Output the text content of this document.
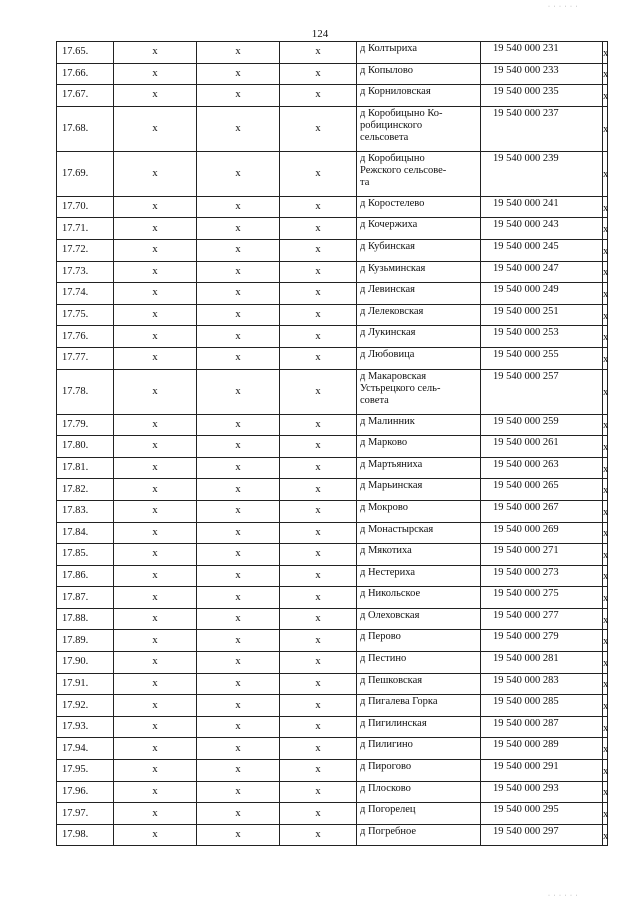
124
17.65.	x	x	x	д Колтыриха	19 540 000 231	x
17.66.	x	x	x	д Копылово	19 540 000 233	x
17.67.	x	x	x	д Корниловская	19 540 000 235	x
17.68.	x	x	x	д Коробицыно Ко-
робицинского
сельсовета	19 540 000 237	x
17.69.	x	x	x	д Коробицыно
Режского сельсове-
та	19 540 000 239	x
17.70.	x	x	x	д Коростелево	19 540 000 241	x
17.71.	x	x	x	д Кочержиха	19 540 000 243	x
17.72.	x	x	x	д Кубинская	19 540 000 245	x
17.73.	x	x	x	д Кузьминская	19 540 000 247	x
17.74.	x	x	x	д Левинская	19 540 000 249	x
17.75.	x	x	x	д Лелековская	19 540 000 251	x
17.76.	x	x	x	д Лукинская	19 540 000 253	x
17.77.	x	x	x	д Любовица	19 540 000 255	x
17.78.	x	x	x	д Макаровская
Устьрецкого сель-
совета	19 540 000 257	x
17.79.	x	x	x	д Малинник	19 540 000 259	x
17.80.	x	x	x	д Марково	19 540 000 261	x
17.81.	x	x	x	д Мартьяниха	19 540 000 263	x
17.82.	x	x	x	д Марьинская	19 540 000 265	x
17.83.	x	x	x	д Мокрово	19 540 000 267	x
17.84.	x	x	x	д Монастырская	19 540 000 269	x
17.85.	x	x	x	д Мякотиха	19 540 000 271	x
17.86.	x	x	x	д Нестериха	19 540 000 273	x
17.87.	x	x	x	д Никольское	19 540 000 275	x
17.88.	x	x	x	д Олеховская	19 540 000 277	x
17.89.	x	x	x	д Перово	19 540 000 279	x
17.90.	x	x	x	д Пестино	19 540 000 281	x
17.91.	x	x	x	д Пешковская	19 540 000 283	x
17.92.	x	x	x	д Пигалева Горка	19 540 000 285	x
17.93.	x	x	x	д Пигилинская	19 540 000 287	x
17.94.	x	x	x	д Пилигино	19 540 000 289	x
17.95.	x	x	x	д Пирогово	19 540 000 291	x
17.96.	x	x	x	д Плосково	19 540 000 293	x
17.97.	x	x	x	д Погорелец	19 540 000 295	x
17.98.	x	x	x	д Погребное	19 540 000 297	x
· · · · · ·
· · · · · ·
